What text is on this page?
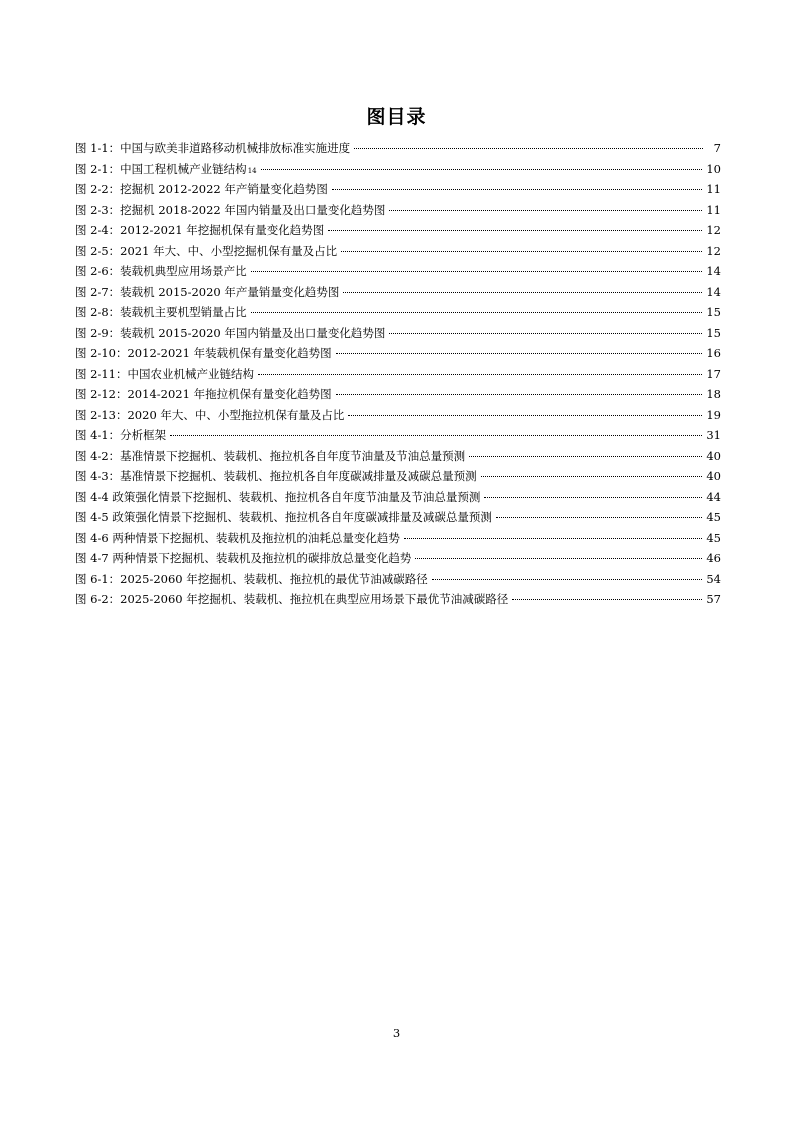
图目录
图 1-1：中国与欧美非道路移动机械排放标准实施进度	7
图 2-1：中国工程机械产业链结构 14	10
图 2-2：挖掘机 2012-2022 年产销量变化趋势图	11
图 2-3：挖掘机 2018-2022 年国内销量及出口量变化趋势图	11
图 2-4：2012-2021 年挖掘机保有量变化趋势图	12
图 2-5：2021 年大、中、小型挖掘机保有量及占比	12
图 2-6：装载机典型应用场景产比	14
图 2-7：装载机 2015-2020 年产量销量变化趋势图	14
图 2-8：装载机主要机型销量占比	15
图 2-9：装载机 2015-2020 年国内销量及出口量变化趋势图	15
图 2-10：2012-2021 年装载机保有量变化趋势图	16
图 2-11：中国农业机械产业链结构	17
图 2-12：2014-2021 年拖拉机保有量变化趋势图	18
图 2-13：2020 年大、中、小型拖拉机保有量及占比	19
图 4-1：分析框架	31
图 4-2：基准情景下挖掘机、装载机、拖拉机各自年度节油量及节油总量预测	40
图 4-3：基准情景下挖掘机、装载机、拖拉机各自年度碳减排量及减碳总量预测	40
图 4-4 政策强化情景下挖掘机、装载机、拖拉机各自年度节油量及节油总量预测	44
图 4-5 政策强化情景下挖掘机、装载机、拖拉机各自年度碳减排量及减碳总量预测	45
图 4-6 两种情景下挖掘机、装载机及拖拉机的油耗总量变化趋势	45
图 4-7 两种情景下挖掘机、装载机及拖拉机的碳排放总量变化趋势	46
图 6-1：2025-2060 年挖掘机、装载机、拖拉机的最优节油减碳路径	54
图 6-2：2025-2060 年挖掘机、装载机、拖拉机在典型应用场景下最优节油减碳路径	57
3
